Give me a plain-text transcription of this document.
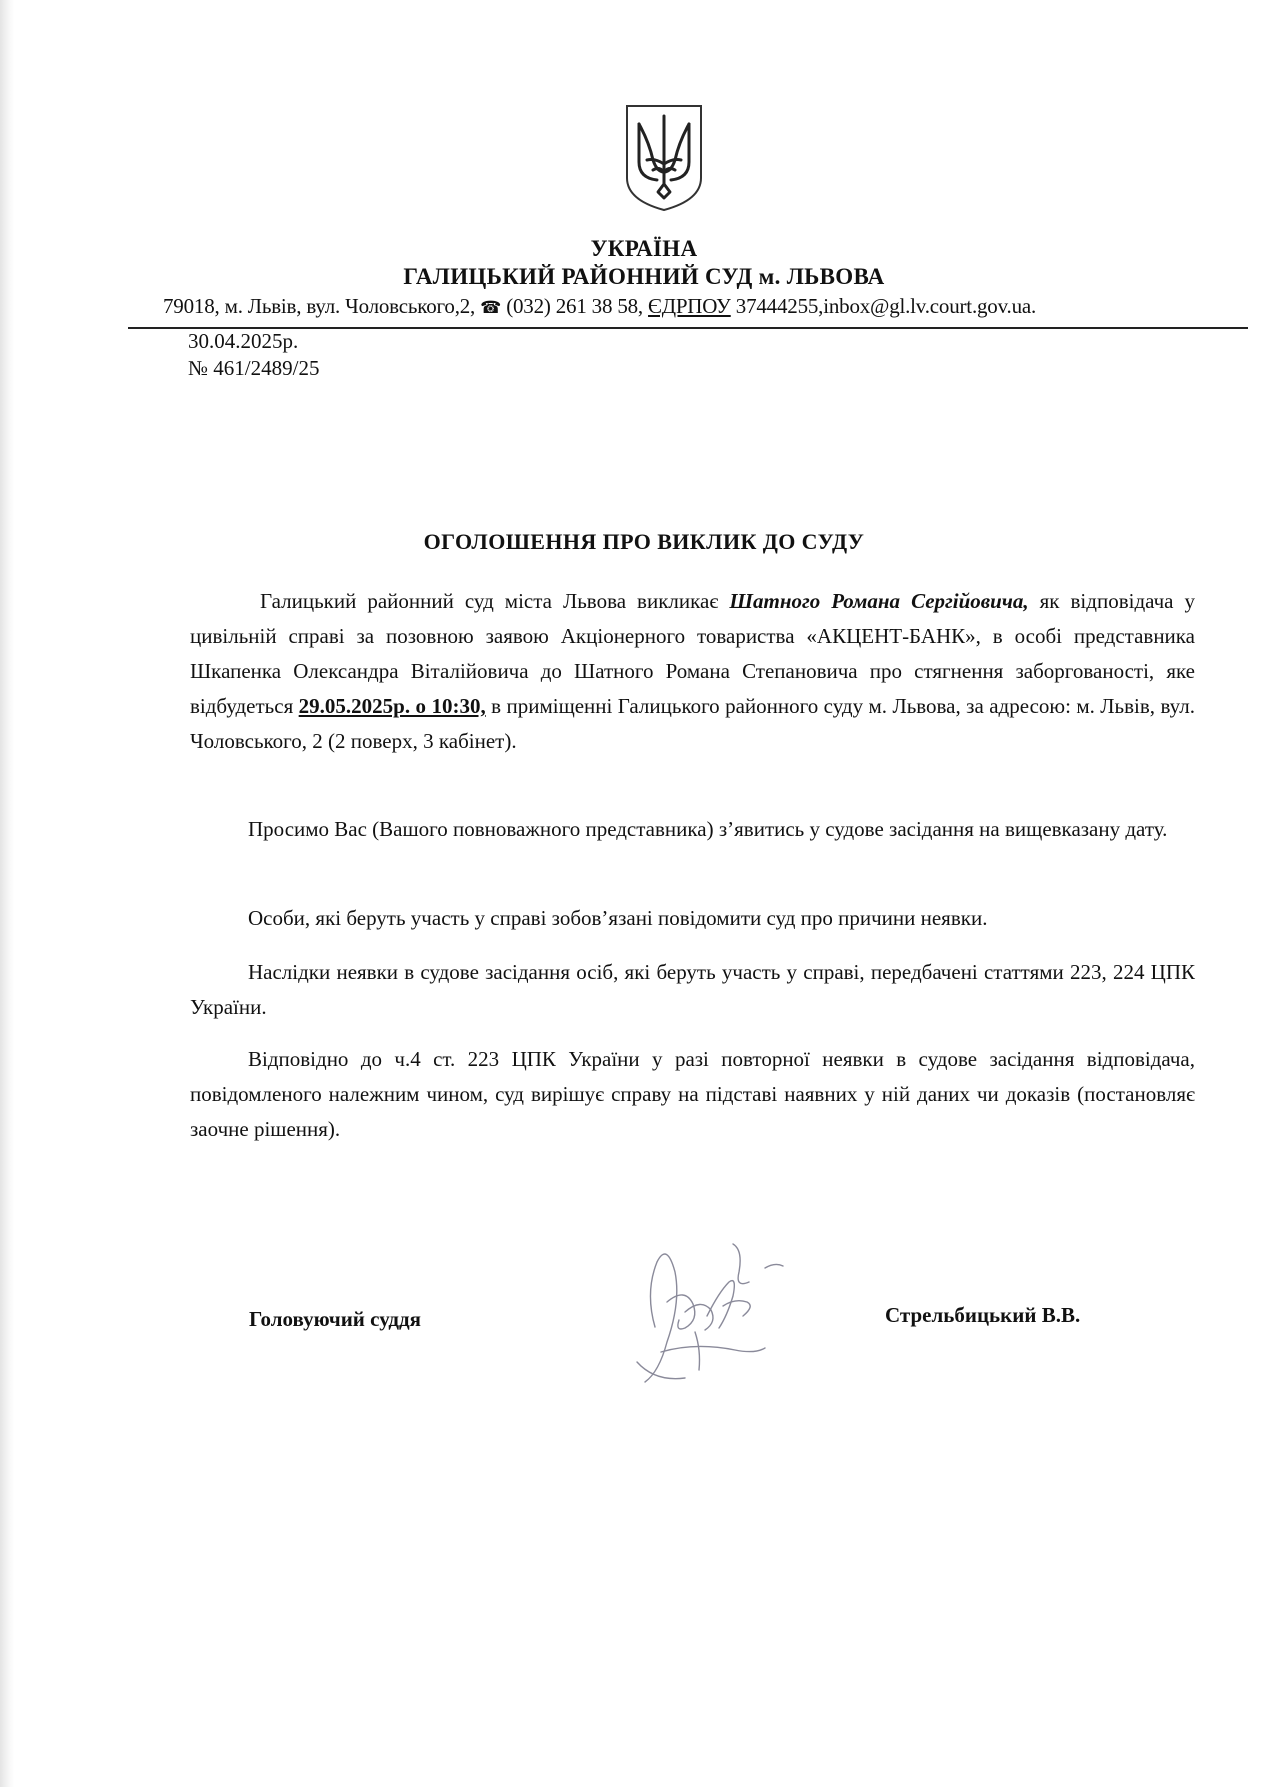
УКРАЇНА
ГАЛИЦЬКИЙ РАЙОННИЙ СУД м. ЛЬВОВА
79018, м. Львів, вул. Чоловського,2, ☎ (032) 261 38 58, ЄДРПОУ 37444255,inbox@gl.lv.court.gov.ua.
30.04.2025р.
№ 461/2489/25
ОГОЛОШЕННЯ ПРО ВИКЛИК ДО СУДУ

Галицький районний суд міста Львова викликає Шатного Романа Сергійовича, як відповідача у цивільній справі за позовною заявою Акціонерного товариства «АКЦЕНТ-БАНК», в особі представника Шкапенка Олександра Віталійовича до Шатного Романа Степановича про стягнення заборгованості, яке відбудеться 29.05.2025р. о 10:30, в приміщенні Галицького районного суду м. Львова, за адресою: м. Львів, вул. Чоловського, 2 (2 поверх, 3 кабінет).

Просимо Вас (Вашого повноважного представника) з’явитись у судове засідання на вищевказану дату.

Особи, які беруть участь у справі зобов’язані повідомити суд про причини неявки.

Наслідки неявки в судове засідання осіб, які беруть участь у справі, передбачені статтями 223, 224 ЦПК України.

Відповідно до ч.4 ст. 223 ЦПК України у разі повторної неявки в судове засідання відповідача, повідомленого належним чином, суд вирішує справу на підставі наявних у ній даних чи доказів (постановляє заочне рішення).

Головуючий суддя	Стрельбицький В.В.
